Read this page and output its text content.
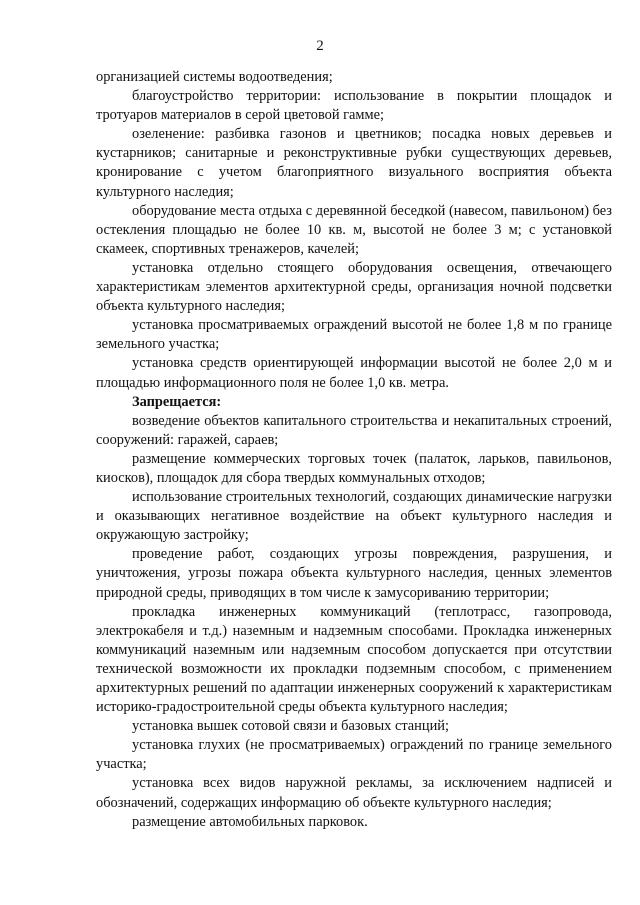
2

организацией системы водоотведения;

благоустройство территории: использование в покрытии площадок и тротуаров материалов в серой цветовой гамме;

озеленение: разбивка газонов и цветников; посадка новых деревьев и кустарников; санитарные и реконструктивные рубки существующих деревьев, кронирование с учетом благоприятного визуального восприятия объекта культурного наследия;

оборудование места отдыха с деревянной беседкой (навесом, павильоном) без остекления площадью не более 10 кв. м, высотой не более 3 м; с установкой скамеек, спортивных тренажеров, качелей;

установка отдельно стоящего оборудования освещения, отвечающего характеристикам элементов архитектурной среды, организация ночной подсветки объекта культурного наследия;

установка просматриваемых ограждений высотой не более 1,8 м по границе земельного участка;

установка средств ориентирующей информации высотой не более 2,0 м и площадью информационного поля не более 1,0 кв. метра.

Запрещается:

возведение объектов капитального строительства и некапитальных строений, сооружений: гаражей, сараев;

размещение коммерческих торговых точек (палаток, ларьков, павильонов, киосков), площадок для сбора твердых коммунальных отходов;

использование строительных технологий, создающих динамические нагрузки и оказывающих негативное воздействие на объект культурного наследия и окружающую застройку;

проведение работ, создающих угрозы повреждения, разрушения, и уничтожения, угрозы пожара объекта культурного наследия, ценных элементов природной среды, приводящих в том числе к замусориванию территории;

прокладка инженерных коммуникаций (теплотрасс, газопровода, электрокабеля и т.д.) наземным и надземным способами. Прокладка инженерных коммуникаций наземным или надземным способом допускается при отсутствии технической возможности их прокладки подземным способом, с применением архитектурных решений по адаптации инженерных сооружений к характеристикам историко-градостроительной среды объекта культурного наследия;

установка вышек сотовой связи и базовых станций;

установка глухих (не просматриваемых) ограждений по границе земельного участка;

установка всех видов наружной рекламы, за исключением надписей и обозначений, содержащих информацию об объекте культурного наследия;

размещение автомобильных парковок.
